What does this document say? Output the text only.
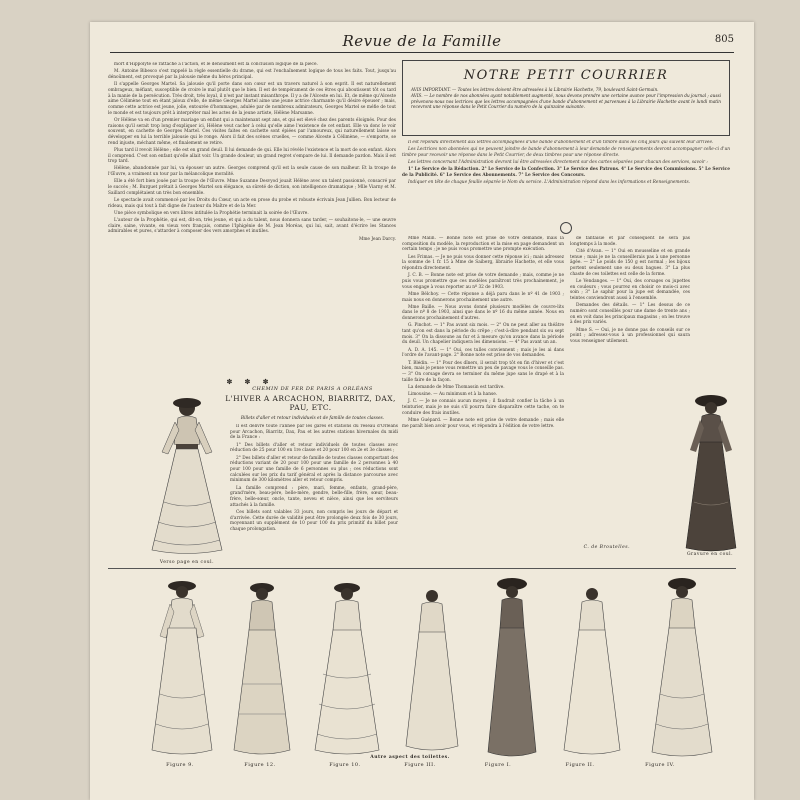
Revue de la Famille	805

mort d'Hippolyte se rattache à l'action, et le dénoûment est la conclusion logique de la pièce.

M. Antoine Bibesco s'est rappelé la règle essentielle du drame, qui est l'enchaînement logique de tous les faits. Tout, jusqu'au dénoûment, est provoqué par la jalousie même du héros principal.

Il s'appelle Georges Martel. Sa jalousie qu'il porte dans son cœur est un travers naturel à son esprit. Il est naturellement ombrageux, méfiant, susceptible de croire le mal plutôt que le bien. Il est de tempérament de ces êtres qui aboutissent tôt ou tard à la manie de la persécution. Très droit, très loyal, il n'est par instant misanthrope. Il y a de l'Alceste en lui. Et, de même qu'Alceste aime Célimène tout en étant jaloux d'elle, de même Georges Martel aime une jeune actrice charmante qu'il désire épouser ; mais, comme cette actrice est jeune, jolie, entourée d'hommages, adulée par de nombreux admirateurs, Georges Martel se méfie de tout le monde et est toujours prêt à interpréter mal les actes de la jeune artiste, Hélène Marsanne.

Or Hélène va en d'un premier mariage un enfant qui a maintenant sept ans, et qui est élevé chez des parents éloignés. Pour des raisons qu'il serait trop long d'expliquer ici, Hélène veut cacher à celui qu'elle aime l'existence de cet enfant. Elle va donc le voir souvent, en cachette de Georges Martel. Ces visites faites en cachette sont épiées par l'amoureux, qui naturellement laisse se développer en lui la terrible jalousie qui le ronge. Alors il fait des scènes cruelles, — comme Alceste à Célimène, — s'emporte, se rend injuste, méchant même, et finalement se retire.

Plus tard il revoit Hélène ; elle est en grand deuil. Il lui demande de qui. Elle lui révèle l'existence et la mort de son enfant. Alors il comprend. C'est son enfant qu'elle allait voir. Un grande douleur, un grand regret s'empare de lui. Il demande pardon. Mais il est trop tard.

Hélène, abandonnée par lui, va épouser un autre. Georges comprend qu'il est la seule cause de son malheur. Et la troupe de l'Œuvre, a vraiment un tour par la mélancolique moralité.

Elle a été fort bien jouée par la troupe de l'Œuvre. Mme Suzanne Desvyod jouait Hélène avec un talent passionné, consacré par le succès ; M. Burguet prêtait à Georges Martel son élégance, sa sûreté de diction, son intelligence dramatique ; Mlle Viarny et M. Saillard complétaient un très bon ensemble.

Le spectacle avait commencé par les Droits du Cœur, un acte en prose du probe et robuste écrivain Jean Jullien. Bon lecteur de rideau, mais qui tout à fait digne de l'auteur du Maître et de la Mer.

Une pièce symbolique en vers libres intitulée la Prophétie terminait la soirée de l'Œuvre.

L'auteur de la Prophétie, qui est, dit-on, très jeune, et qui a du talent, nous donnera sans tarder, — souhaitons-le, — une œuvre claire, saine, vivante, en vieux vers français, comme l'Iphigénie de M. Jean Moréas, qui lui, sait, avant d'écrire les Stances admirables et pures, s'attarder à composer des vers amorphes et inutiles.

Mme Jean Darcy.

✽ ✽ ✽
CHEMIN DE FER DE PARIS A ORLÉANS
L'HIVER A ARCACHON, BIARRITZ, DAX, PAU, ETC.
Billets d'aller et retour individuels et de famille de toutes classes.

Il est délivré toute l'année par les gares et stations du réseau d'Orléans pour Arcachon, Biarritz, Dax, Pau et les autres stations hivernales du midi de la France :

1° Des billets d'aller et retour individuels de toutes classes avec réduction de 25 pour 100 en 1re classe et 20 pour 100 en 2e et 3e classes ;

2° Des billets d'aller et retour de famille de toutes classes comportant des réductions variant de 20 pour 100 pour une famille de 2 personnes à 40 pour 100 pour une famille de 6 personnes ou plus ; ces réductions sont calculées sur les prix du tarif général et après la distance parcourue avec minimum de 300 kilomètres aller et retour compris.

La famille comprend : père, mari, femme, enfants, grand-père, grand'mère, beau-père, belle-mère, gendre, belle-fille, frère, sœur, beau-frère, belle-sœur, oncle, tante, neveu et nièce, ainsi que les serviteurs attachés à la famille.

Ces billets sont valables 33 jours, non compris les jours de départ et d'arrivée. Cette durée de validité peut être prolongée deux fois de 30 jours, moyennant un supplément de 10 pour 100 du prix primitif du billet pour chaque prolongation.

Verso page en coul.
NOTRE PETIT COURRIER

AVIS IMPORTANT. — Toutes les lettres doivent être adressées à la Librairie Hachette, 79, boulevard Saint-Germain.

AVIS. — Le nombre de nos abonnées ayant notablement augmenté, nous devons prendre une certaine avance pour l'impression du journal ; aussi prévenons-nous nos lectrices que les lettres accompagnées d'une bande d'abonnement et parvenues à la Librairie Hachette avant le lundi matin recevront une réponse dans le Petit Courrier du numéro de la quinzaine suivante.

Il est répondu directement aux lettres accompagnées d'une bande d'abonnement et d'un timbre dans les cinq jours qui suivent leur arrivée.

Les Lectrices non abonnées qui ne peuvent joindre de bande d'abonnement à leur demande de renseignements devront accompagner celle-ci d'un timbre pour recevoir une réponse dans le Petit Courrier, de deux timbres pour une réponse directe.

Les lettres concernant l'Administration devront lui être adressées directement sur des cartes séparées pour chacun des services, savoir :

1° Le Service de la Rédaction. 2° Le Service de la Confection. 3° Le Service des Patrons. 4° Le Service des Commissions. 5° Le Service de la Publicité. 6° Le Service des Abonnements. 7° Le Service des Concours.

Indiquer en tête de chaque feuille séparée le Nom du service. L'Administration répond dans les informations et Renseignements.

Mme Malin. — Bonne note est prise de votre demande, mais la composition du modèle, la reproduction et la mise en page demandent un certain temps ; je ne puis vous promettre une prompte exécution.

Les Frimas. — Je ne puis vous donner cette réponse ici ; mais adressez la somme de 1 fr. 15 à Mme de Saiberg, librairie Hachette, et elle vous répondra directement.

J. C. B. — Bonne note est prise de votre demande ; mais, comme je ne puis vous promettre que ces modèles paraîtront très prochainement, je vous engage à vous reporter au nº 32 de 1903.

Mme Bélchoy. — Cette réponse a déjà paru dans le nº 41 de 1903 ; mais nous en donnerons prochainement une autre.

Mme Baille. — Nous avons donné plusieurs modèles de couvre-lits dans le nº 8 de 1903, ainsi que dans le nº 16 du même année. Nous en donnerons prochainement d'autres.

G. Pinchot. — 1° Pas avant six mois. — 2° On ne peut aller au théâtre tant qu'on est dans la période du crêpe ; c'est-à-dire pendant six ou sept mois. 3° On la dissoune au fur et à mesure qu'on avance dans la période du deuil. Un chapelier indiquera les dimensions. — 4° Pas avant un an.

A. D. A. 145. — 1° Oui, ces tulles conviennent ; mais je les ai dans l'ordre de l'avant-page. 2° Bonne note est prise de vos demandes.

T. Blédin. — 1° Pour des dîners, il serait trop tôt en fin d'hiver et c'est bien, mais je pense vous remettre un peu de pavage vous le conseille pas. — 3° On corsage devra se terminer du même jupe sans le drapé et à la taille faire de la façon.

La demande de Mme Thomassin est tardive.

Limousine. — Au minimum et à la hanse.

J. C. — Je ne connais aucun moyen ; il faudrait confier la tâche à un teinturier, mais je ne suis s'il pourra faire disparaître cette tache, on te conduire des frais inutiles.

Mme Guépard. — Bonne note est prise de votre demande ; mais elle me paraît bien avoir pour vous, et répondra à l'édition de votre lettre.

de fantaisie et par conséquent ne sera pas longtemps à la mode.

Cité d'Avan. — 1° Oui en mousseline et en grande tenue ; mais je ne la conseillerais pas à une personne âgée. — 2° Le poids de 150 g est normal ; les bijoux portent seulement une ou deux bagues. 3° La plus chaste de ces toilettes est celle de la forme.

Le Vendanges. — 1° Oui, des corsages ou jupettes en couleurs ; vous pourrez en choisir ce mois-ci avec soin ; 3° Le saphir pour la jupe est demandée, ces teintes conviendront aussi à l'ensemble.

Demandes des détails. — 1° Les dessus de ce numéro sont conseillés pour une dame de trente ans ; on en voit dans les principaux magasins ; on les trouve à des prix variés.

Mme S. — Oui, je ne donne pas de conseils sur ce point ; adressez-vous à un professionnel qui saura vous renseigner utilement.

C. de Broutelles.
Gravure en coul.
Autre aspect des toilettes.
Figure 9.	Figure 12.	Figure 10.	Figure III.	Figure I.	Figure II.	Figure IV.
